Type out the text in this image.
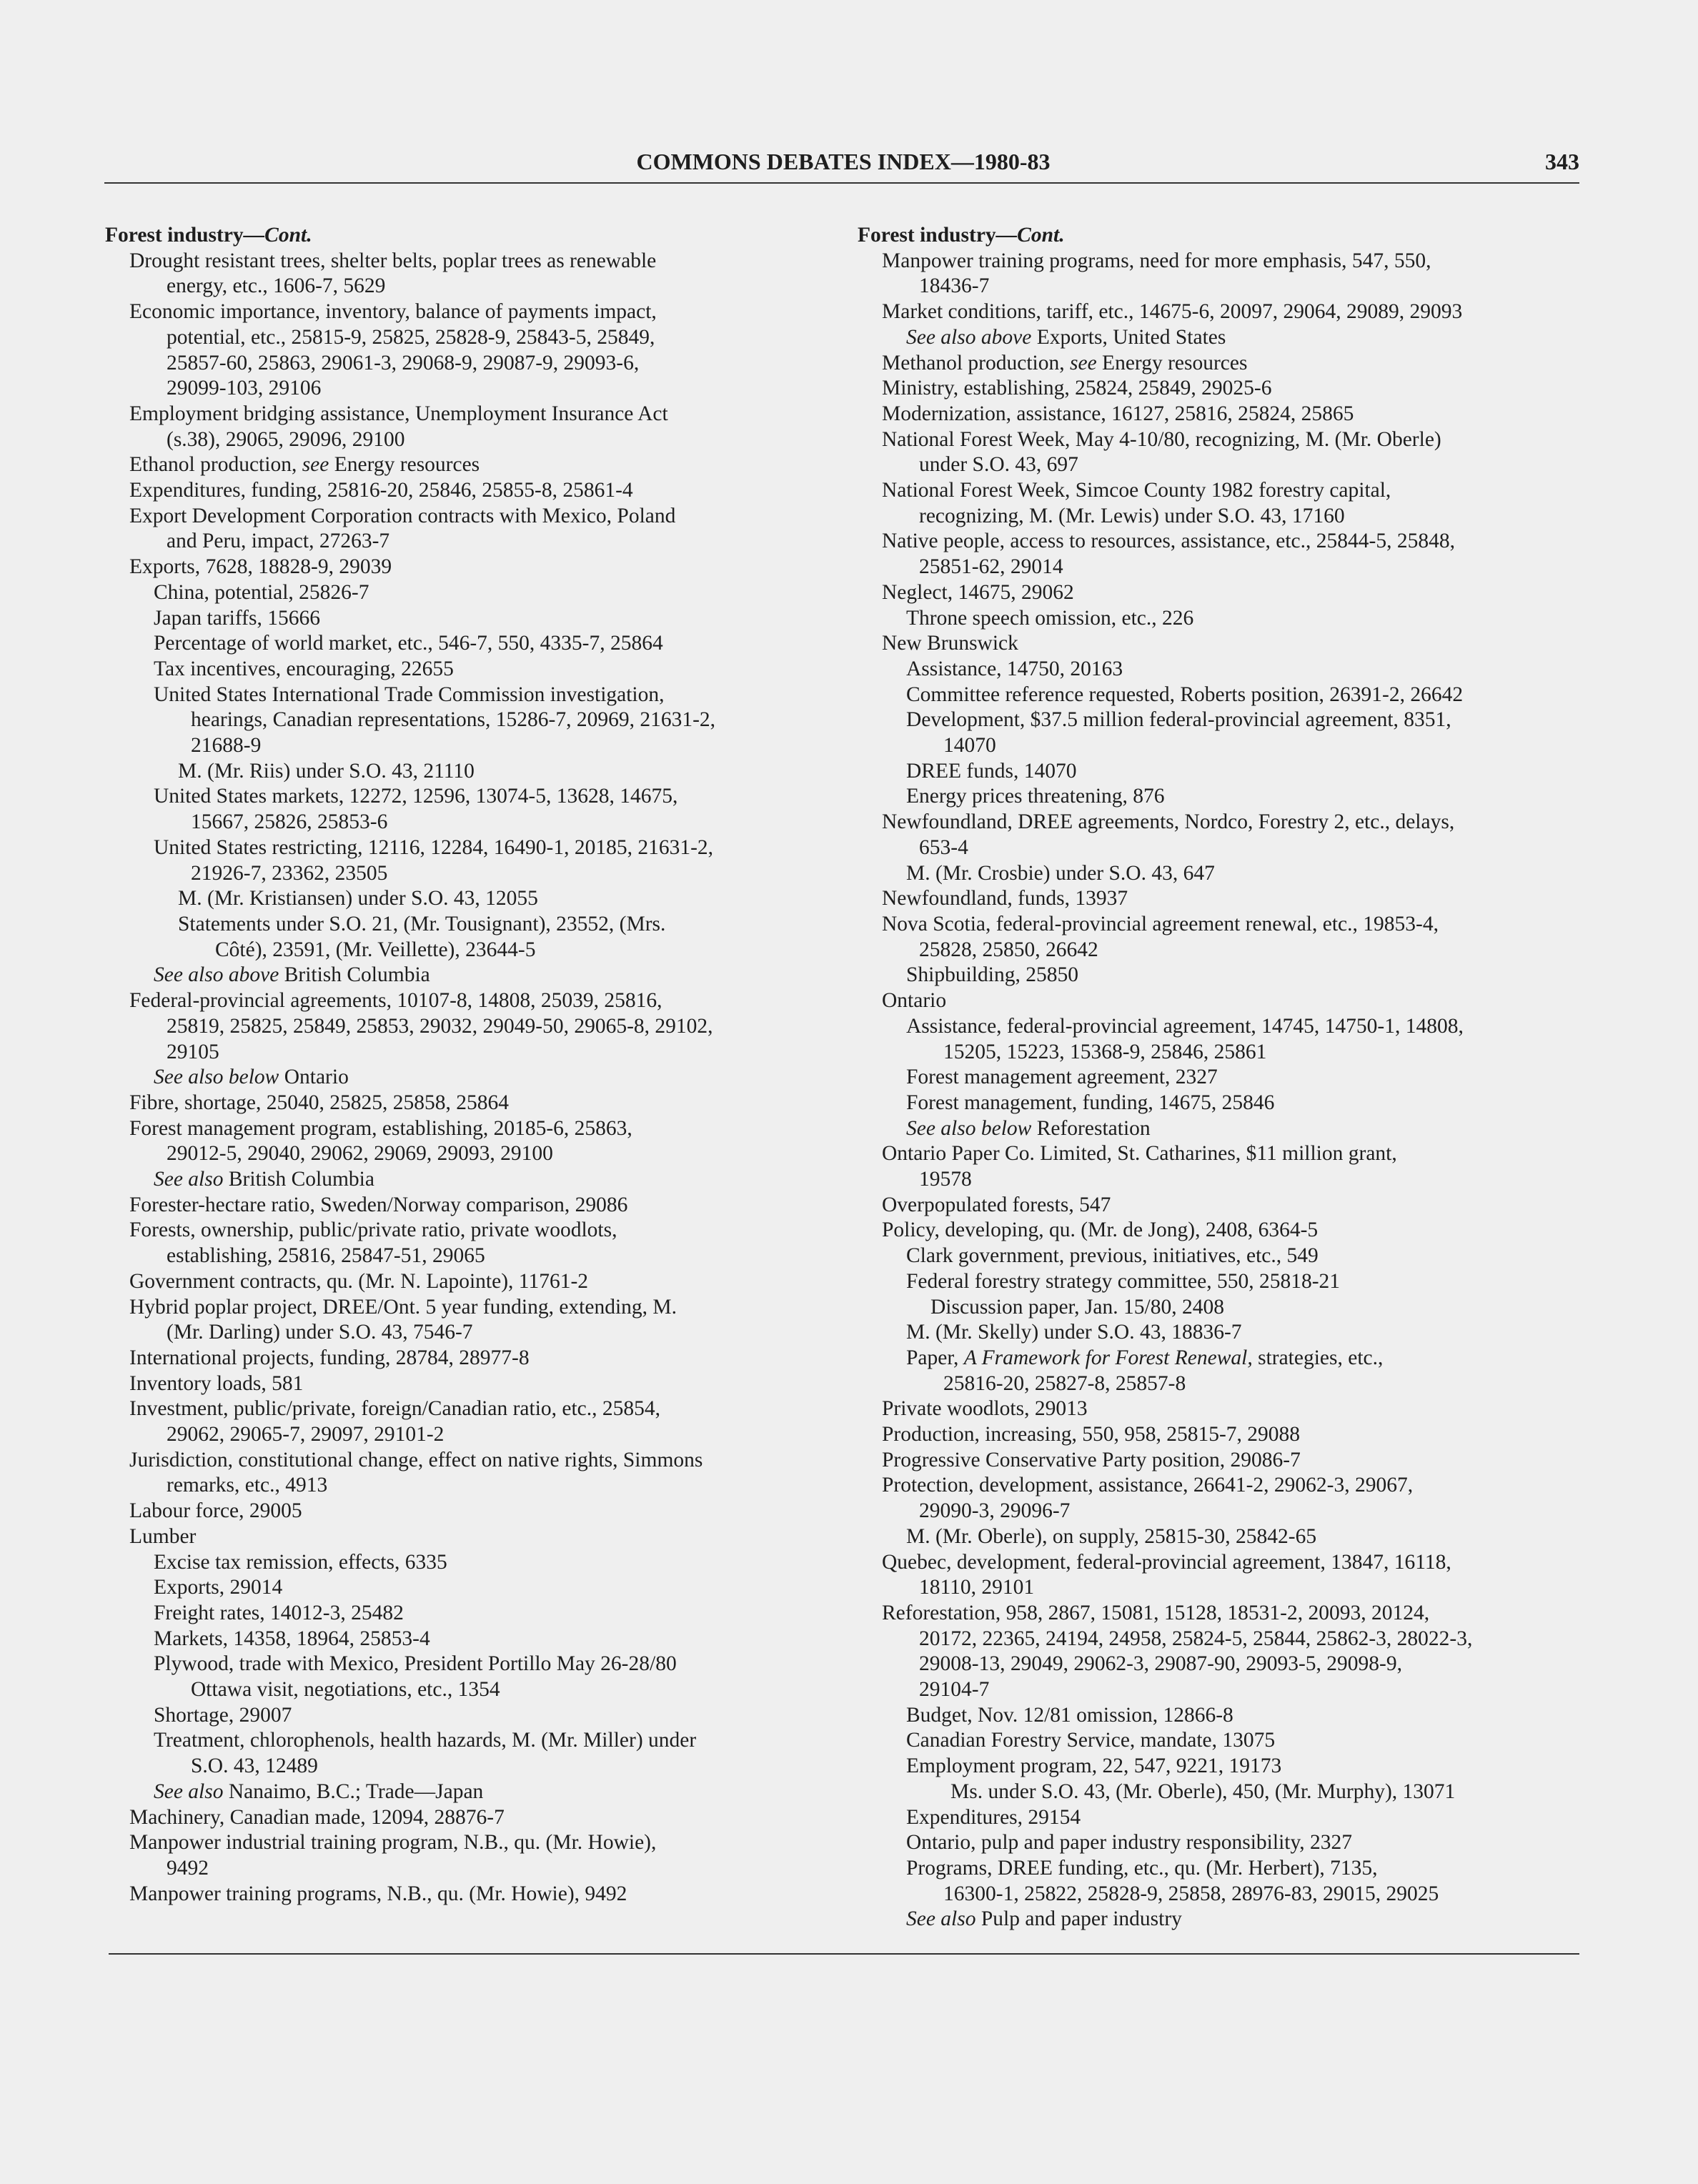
COMMONS DEBATES INDEX—1980-83	343
Forest industry—Cont.
Drought resistant trees, shelter belts, poplar trees as renewable
energy, etc., 1606-7, 5629
Economic importance, inventory, balance of payments impact,
potential, etc., 25815-9, 25825, 25828-9, 25843-5, 25849,
25857-60, 25863, 29061-3, 29068-9, 29087-9, 29093-6,
29099-103, 29106
Employment bridging assistance, Unemployment Insurance Act
(s.38), 29065, 29096, 29100
Ethanol production, see Energy resources
Expenditures, funding, 25816-20, 25846, 25855-8, 25861-4
Export Development Corporation contracts with Mexico, Poland
and Peru, impact, 27263-7
Exports, 7628, 18828-9, 29039
China, potential, 25826-7
Japan tariffs, 15666
Percentage of world market, etc., 546-7, 550, 4335-7, 25864
Tax incentives, encouraging, 22655
United States International Trade Commission investigation,
hearings, Canadian representations, 15286-7, 20969, 21631-2,
21688-9
M. (Mr. Riis) under S.O. 43, 21110
United States markets, 12272, 12596, 13074-5, 13628, 14675,
15667, 25826, 25853-6
United States restricting, 12116, 12284, 16490-1, 20185, 21631-2,
21926-7, 23362, 23505
M. (Mr. Kristiansen) under S.O. 43, 12055
Statements under S.O. 21, (Mr. Tousignant), 23552, (Mrs.
Côté), 23591, (Mr. Veillette), 23644-5
See also above British Columbia
Federal-provincial agreements, 10107-8, 14808, 25039, 25816,
25819, 25825, 25849, 25853, 29032, 29049-50, 29065-8, 29102,
29105
See also below Ontario
Fibre, shortage, 25040, 25825, 25858, 25864
Forest management program, establishing, 20185-6, 25863,
29012-5, 29040, 29062, 29069, 29093, 29100
See also British Columbia
Forester-hectare ratio, Sweden/Norway comparison, 29086
Forests, ownership, public/private ratio, private woodlots,
establishing, 25816, 25847-51, 29065
Government contracts, qu. (Mr. N. Lapointe), 11761-2
Hybrid poplar project, DREE/Ont. 5 year funding, extending, M.
(Mr. Darling) under S.O. 43, 7546-7
International projects, funding, 28784, 28977-8
Inventory loads, 581
Investment, public/private, foreign/Canadian ratio, etc., 25854,
29062, 29065-7, 29097, 29101-2
Jurisdiction, constitutional change, effect on native rights, Simmons
remarks, etc., 4913
Labour force, 29005
Lumber
Excise tax remission, effects, 6335
Exports, 29014
Freight rates, 14012-3, 25482
Markets, 14358, 18964, 25853-4
Plywood, trade with Mexico, President Portillo May 26-28/80
Ottawa visit, negotiations, etc., 1354
Shortage, 29007
Treatment, chlorophenols, health hazards, M. (Mr. Miller) under
S.O. 43, 12489
See also Nanaimo, B.C.; Trade—Japan
Machinery, Canadian made, 12094, 28876-7
Manpower industrial training program, N.B., qu. (Mr. Howie),
9492
Manpower training programs, N.B., qu. (Mr. Howie), 9492
Forest industry—Cont.
Manpower training programs, need for more emphasis, 547, 550,
18436-7
Market conditions, tariff, etc., 14675-6, 20097, 29064, 29089, 29093
See also above Exports, United States
Methanol production, see Energy resources
Ministry, establishing, 25824, 25849, 29025-6
Modernization, assistance, 16127, 25816, 25824, 25865
National Forest Week, May 4-10/80, recognizing, M. (Mr. Oberle)
under S.O. 43, 697
National Forest Week, Simcoe County 1982 forestry capital,
recognizing, M. (Mr. Lewis) under S.O. 43, 17160
Native people, access to resources, assistance, etc., 25844-5, 25848,
25851-62, 29014
Neglect, 14675, 29062
Throne speech omission, etc., 226
New Brunswick
Assistance, 14750, 20163
Committee reference requested, Roberts position, 26391-2, 26642
Development, $37.5 million federal-provincial agreement, 8351,
14070
DREE funds, 14070
Energy prices threatening, 876
Newfoundland, DREE agreements, Nordco, Forestry 2, etc., delays,
653-4
M. (Mr. Crosbie) under S.O. 43, 647
Newfoundland, funds, 13937
Nova Scotia, federal-provincial agreement renewal, etc., 19853-4,
25828, 25850, 26642
Shipbuilding, 25850
Ontario
Assistance, federal-provincial agreement, 14745, 14750-1, 14808,
15205, 15223, 15368-9, 25846, 25861
Forest management agreement, 2327
Forest management, funding, 14675, 25846
See also below Reforestation
Ontario Paper Co. Limited, St. Catharines, $11 million grant,
19578
Overpopulated forests, 547
Policy, developing, qu. (Mr. de Jong), 2408, 6364-5
Clark government, previous, initiatives, etc., 549
Federal forestry strategy committee, 550, 25818-21
Discussion paper, Jan. 15/80, 2408
M. (Mr. Skelly) under S.O. 43, 18836-7
Paper, A Framework for Forest Renewal, strategies, etc.,
25816-20, 25827-8, 25857-8
Private woodlots, 29013
Production, increasing, 550, 958, 25815-7, 29088
Progressive Conservative Party position, 29086-7
Protection, development, assistance, 26641-2, 29062-3, 29067,
29090-3, 29096-7
M. (Mr. Oberle), on supply, 25815-30, 25842-65
Quebec, development, federal-provincial agreement, 13847, 16118,
18110, 29101
Reforestation, 958, 2867, 15081, 15128, 18531-2, 20093, 20124,
20172, 22365, 24194, 24958, 25824-5, 25844, 25862-3, 28022-3,
29008-13, 29049, 29062-3, 29087-90, 29093-5, 29098-9,
29104-7
Budget, Nov. 12/81 omission, 12866-8
Canadian Forestry Service, mandate, 13075
Employment program, 22, 547, 9221, 19173
Ms. under S.O. 43, (Mr. Oberle), 450, (Mr. Murphy), 13071
Expenditures, 29154
Ontario, pulp and paper industry responsibility, 2327
Programs, DREE funding, etc., qu. (Mr. Herbert), 7135,
16300-1, 25822, 25828-9, 25858, 28976-83, 29015, 29025
See also Pulp and paper industry
